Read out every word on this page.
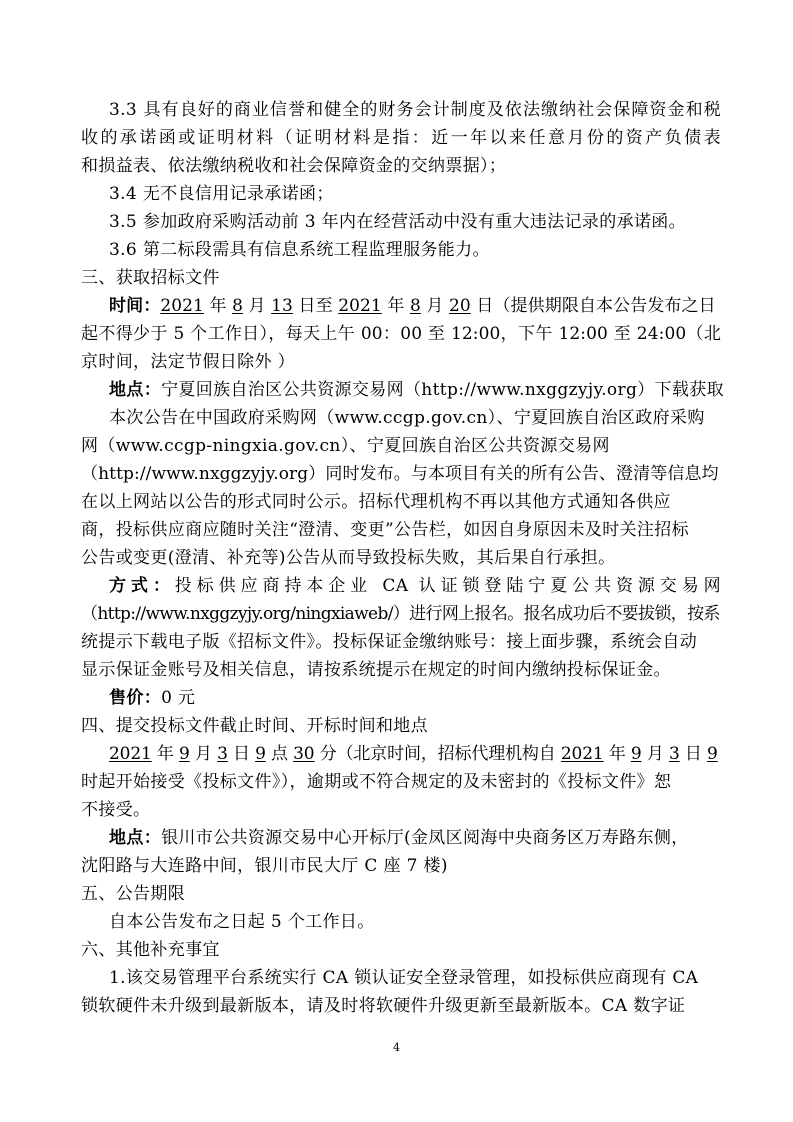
3.3 具有良好的商业信誉和健全的财务会计制度及依法缴纳社会保障资金和税
收的承诺函或证明材料（证明材料是指：近一年以来任意月份的资产负债表
和损益表、依法缴纳税收和社会保障资金的交纳票据）；
3.4 无不良信用记录承诺函；
3.5 参加政府采购活动前 3 年内在经营活动中没有重大违法记录的承诺函。
3.6 第二标段需具有信息系统工程监理服务能力。
三、获取招标文件
时间：2021 年 8 月 13 日至 2021 年 8 月 20 日（提供期限自本公告发布之日
起不得少于 5 个工作日），每天上午 00：00 至 12:00，下午 12:00 至 24:00（北
京时间，法定节假日除外 ）
地点：宁夏回族自治区公共资源交易网（http://www.nxggzyjy.org）下载获取
本次公告在中国政府采购网（www.ccgp.gov.cn）、宁夏回族自治区政府采购
网（www.ccgp-ningxia.gov.cn）、宁夏回族自治区公共资源交易网
（http://www.nxggzyjy.org）同时发布。与本项目有关的所有公告、澄清等信息均
在以上网站以公告的形式同时公示。招标代理机构不再以其他方式通知各供应
商，投标供应商应随时关注“澄清、变更”公告栏，如因自身原因未及时关注招标
公告或变更(澄清、补充等)公告从而导致投标失败，其后果自行承担。
方式：投标供应商持本企业 CA 认证锁登陆宁夏公共资源交易网
（http://www.nxggzyjy.org/ningxiaweb/）进行网上报名。报名成功后不要拔锁，按系
统提示下载电子版《招标文件》。投标保证金缴纳账号：接上面步骤，系统会自动
显示保证金账号及相关信息，请按系统提示在规定的时间内缴纳投标保证金。
售价：0 元
四、提交投标文件截止时间、开标时间和地点
2021 年 9 月 3 日 9 点 30 分（北京时间，招标代理机构自 2021 年 9 月 3 日 9
时起开始接受《投标文件》），逾期或不符合规定的及未密封的《投标文件》恕
不接受。
地点：银川市公共资源交易中心开标厅(金凤区阅海中央商务区万寿路东侧，
沈阳路与大连路中间，银川市民大厅 C 座 7 楼)
五、公告期限
自本公告发布之日起 5 个工作日。
六、其他补充事宜
1.该交易管理平台系统实行 CA 锁认证安全登录管理，如投标供应商现有 CA
锁软硬件未升级到最新版本，请及时将软硬件升级更新至最新版本。CA 数字证
4
